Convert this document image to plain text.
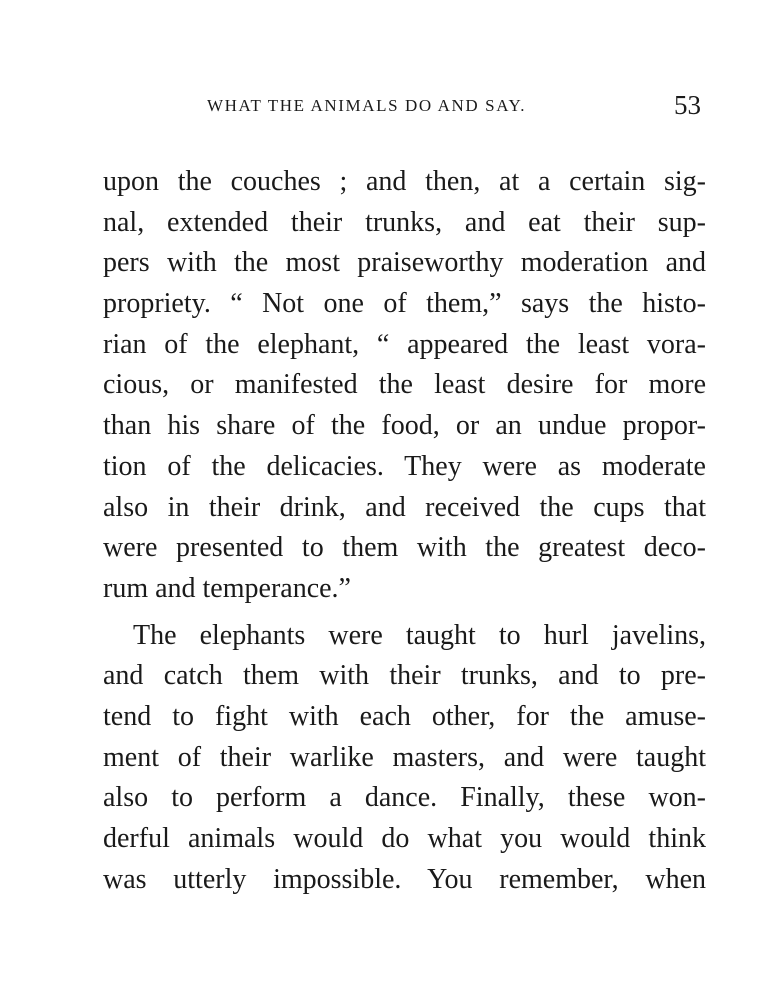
WHAT THE ANIMALS DO AND SAY.	53
upon the couches ; and then, at a certain sig-
nal, extended their trunks, and eat their sup-
pers with the most praiseworthy moderation and
propriety. “ Not one of them,” says the histo-
rian of the elephant, “ appeared the least vora-
cious, or manifested the least desire for more
than his share of the food, or an undue propor-
tion of the delicacies. They were as moderate
also in their drink, and received the cups that
were presented to them with the greatest deco-
rum and temperance.”
The elephants were taught to hurl javelins,
and catch them with their trunks, and to pre-
tend to fight with each other, for the amuse-
ment of their warlike masters, and were taught
also to perform a dance. Finally, these won-
derful animals would do what you would think
was utterly impossible. You remember, when
